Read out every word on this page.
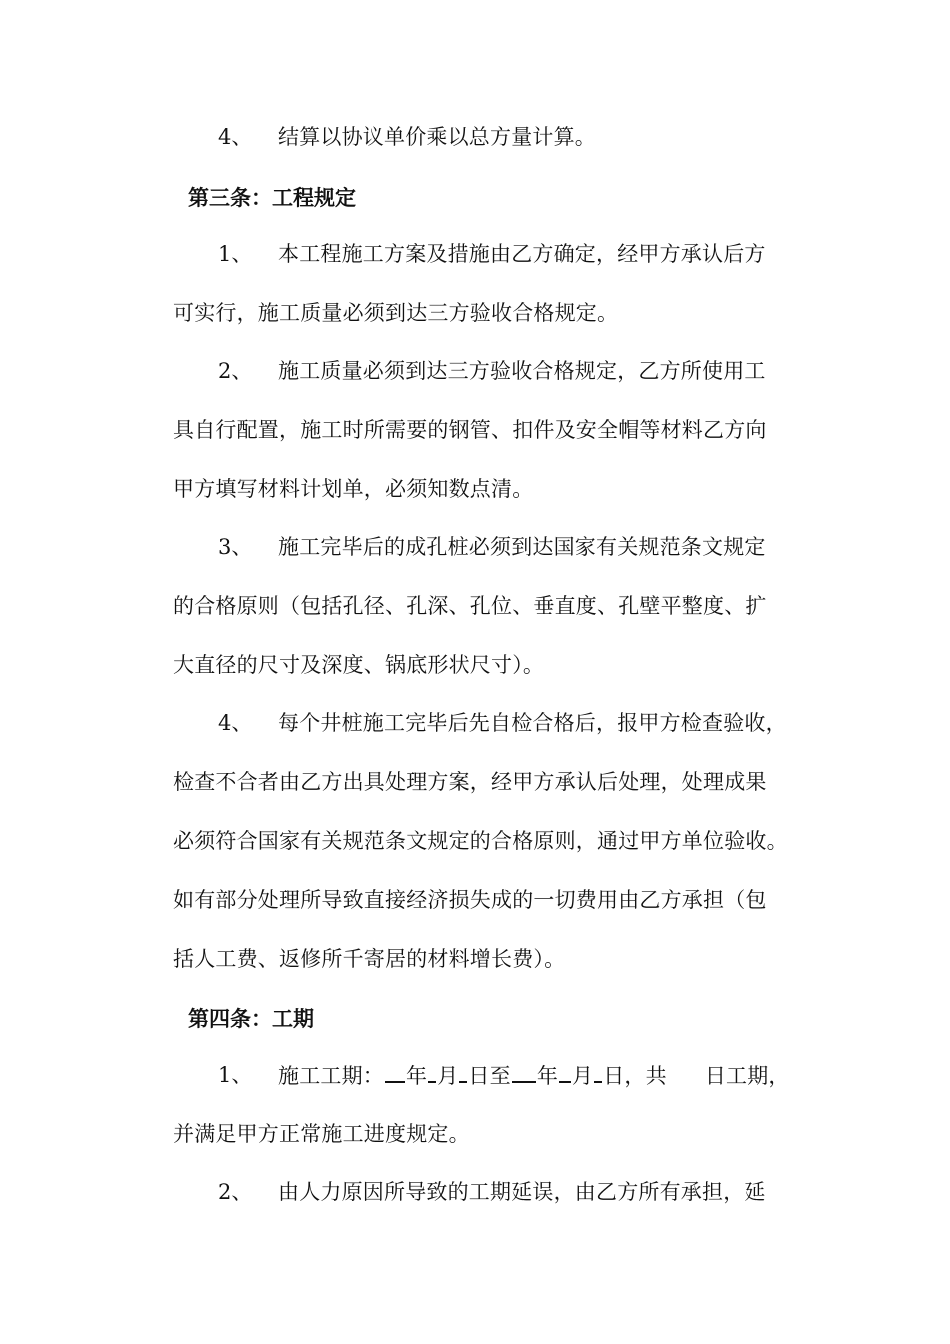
4、 结算以协议单价乘以总方量计算。
第三条：工程规定
1、 本工程施工方案及措施由乙方确定，经甲方承认后方
可实行，施工质量必须到达三方验收合格规定。
2、 施工质量必须到达三方验收合格规定，乙方所使用工
具自行配置，施工时所需要的钢管、扣件及安全帽等材料乙方向
甲方填写材料计划单，必须知数点清。
3、 施工完毕后的成孔桩必须到达国家有关规范条文规定
的合格原则（包括孔径、孔深、孔位、垂直度、孔壁平整度、扩
大直径的尺寸及深度、锅底形状尺寸）。
4、 每个井桩施工完毕后先自检合格后，报甲方检查验收，
检查不合者由乙方出具处理方案，经甲方承认后处理，处理成果
必须符合国家有关规范条文规定的合格原则，通过甲方单位验收。
如有部分处理所导致直接经济损失成的一切费用由乙方承担（包
括人工费、返修所千寄居的材料增长费）。
第四条：工期
1、 施工工期： 年 月 日至 年 月 日，共 日工期，
并满足甲方正常施工进度规定。
2、 由人力原因所导致的工期延误，由乙方所有承担，延
